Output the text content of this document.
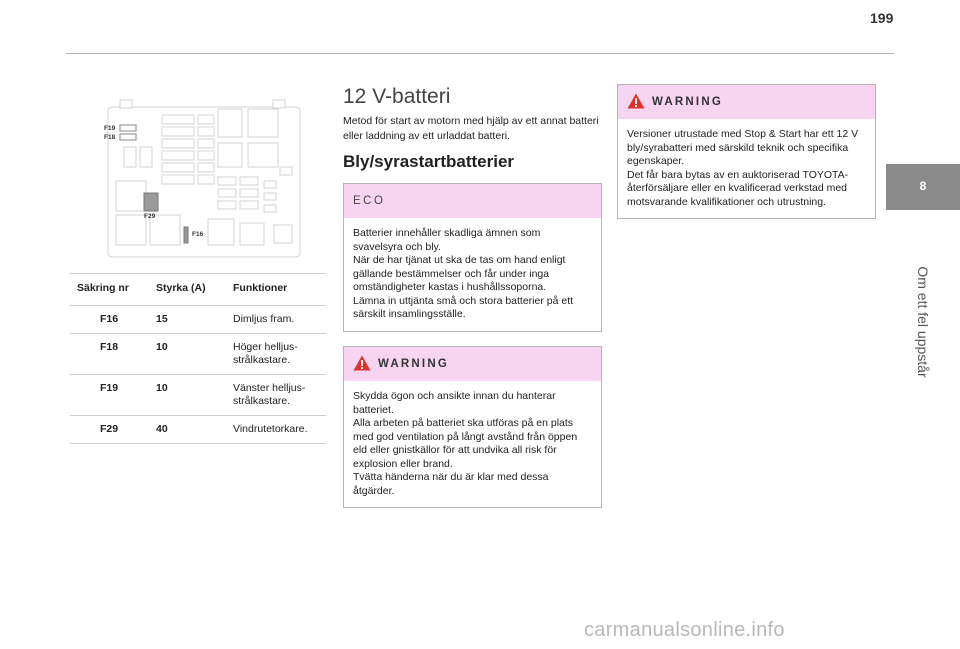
199
8
Om ett fel uppstår
F19
F18
F29
F16
Säkring nr	Styrka (A)	Funktioner
F16	15	Dimljus fram.
F18	10	Höger helljus-strålkastare.
F19	10	Vänster helljus-strålkastare.
F29	40	Vindrutetorkare.
12 V-batteri

Metod för start av motorn med hjälp av ett annat batteri eller laddning av ett urladdat batteri.

Bly/syrastartbatterier
ECO
Batterier innehåller skadliga ämnen som svavelsyra och bly.
När de har tjänat ut ska de tas om hand enligt gällande bestämmelser och får under inga omständigheter kastas i hushållssoporna.
Lämna in uttjänta små och stora batterier på ett särskilt insamlingsställe.
WARNING
Skydda ögon och ansikte innan du hanterar batteriet.
Alla arbeten på batteriet ska utföras på en plats med god ventilation på långt avstånd från öppen eld eller gnistkällor för att undvika all risk för explosion eller brand.
Tvätta händerna när du är klar med dessa åtgärder.
WARNING
Versioner utrustade med Stop & Start har ett 12 V bly/syrabatteri med särskild teknik och specifika egenskaper.
Det får bara bytas av en auktoriserad TOYOTA-återförsäljare eller en kvalificerad verkstad med motsvarande kvalifikationer och utrustning.
carmanualsonline.info
